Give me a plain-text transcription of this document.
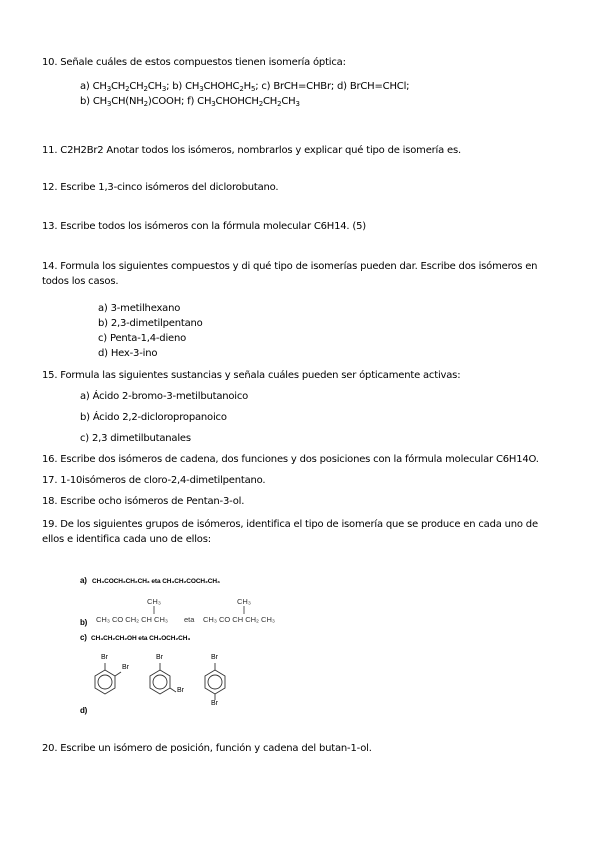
10. Señale cuáles de estos compuestos tienen isomería óptica:
a) $CH_3CH_2CH_2CH_3$; b) $CH_3CHOHC_2H_5$; c) BrCH=CHBr; d) BrCH=CHCl;
b) $CH_3CH(NH_2)COOH$; f) $CH_3CHOHCH_2CH_2CH_3$
11. C2H2Br2 Anotar todos los isómeros, nombrarlos y explicar qué tipo de isomería es.
12. Escribe 1,3-cinco isómeros del diclorobutano.
13. Escribe todos los isómeros con la fórmula molecular C6H14. (5)
14. Formula los siguientes compuestos y di qué tipo de isomerías pueden dar. Escribe dos isómeros en todos los casos.
a) 3-metilhexano
b) 2,3-dimetilpentano
c) Penta-1,4-dieno
d) Hex-3-ino
15. Formula las siguientes sustancias y señala cuáles pueden ser ópticamente activas:
a) Ácido 2-bromo-3-metilbutanoico
b) Ácido 2,2-dicloropropanoico
c) 2,3 dimetilbutanales
16. Escribe dos isómeros de cadena, dos funciones y dos posiciones con la fórmula molecular C6H14O.
17. 1-10isómeros de cloro-2,4-dimetilpentano.
18. Escribe ocho isómeros de Pentan-3-ol.
19. De los siguientes grupos de isómeros, identifica el tipo de isomería que se produce en cada uno de ellos e identifica cada uno de ellos:
a) CH₃COCH₂CH₂CH₃ eta CH₃CH₂COCH₂CH₃
CH₃	CH₃
b) CH₃ CO CH₂ CH CH₃ eta CH₃ CO CH CH₂ CH₃
c) CH₃CH₂CH₂OH eta CH₃OCH₂CH₃
Br
Br
Br
Br
Br
Br
d)
20. Escribe un isómero de posición, función y cadena del butan-1-ol.
